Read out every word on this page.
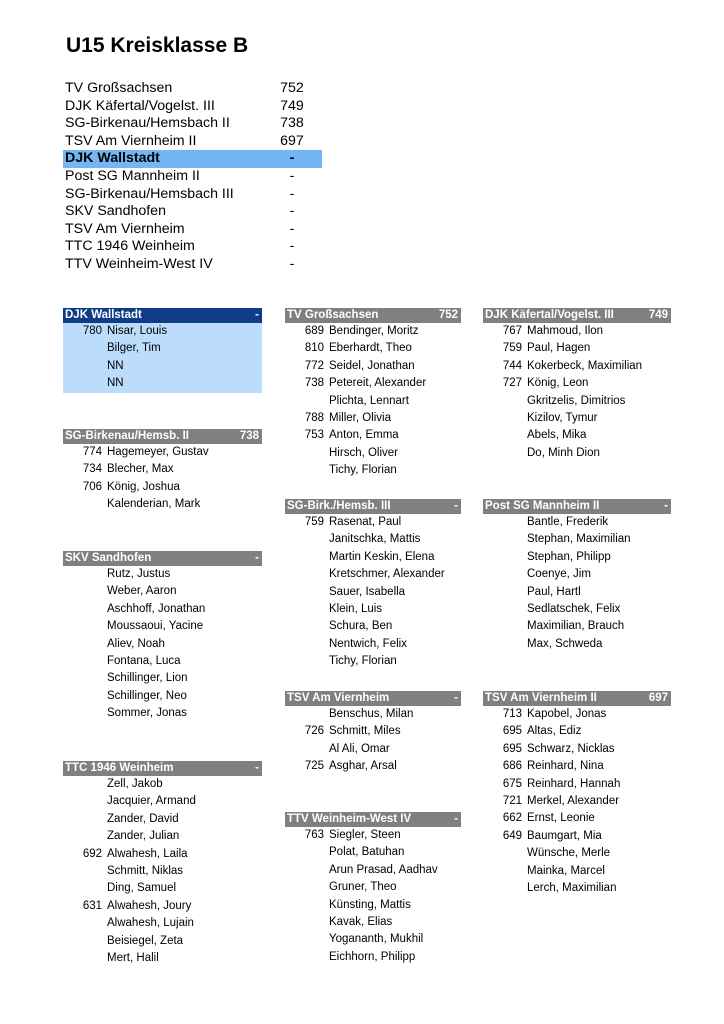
U15 Kreisklasse B
TV Großsachsen	752
DJK Käfertal/Vogelst. III	749
SG-Birkenau/Hemsbach II	738
TSV Am Viernheim II	697
DJK Wallstadt	-
Post SG Mannheim II	-
SG-Birkenau/Hemsbach III	-
SKV Sandhofen	-
TSV Am Viernheim	-
TTC 1946 Weinheim	-
TTV Weinheim-West IV	-
DJK Wallstadt	-
780 Nisar, Louis
Bilger, Tim
NN
NN
SG-Birkenau/Hemsb. II	738
774 Hagemeyer, Gustav
734 Blecher, Max
706 König, Joshua
Kalenderian, Mark
SKV Sandhofen	-
Rutz, Justus
Weber, Aaron
Aschhoff, Jonathan
Moussaoui, Yacine
Aliev, Noah
Fontana, Luca
Schillinger, Lion
Schillinger, Neo
Sommer, Jonas
TTC 1946 Weinheim	-
Zell, Jakob
Jacquier, Armand
Zander, David
Zander, Julian
692 Alwahesh, Laila
Schmitt, Niklas
Ding, Samuel
631 Alwahesh, Joury
Alwahesh, Lujain
Beisiegel, Zeta
Mert, Halil
TV Großsachsen	752
689 Bendinger, Moritz
810 Eberhardt, Theo
772 Seidel, Jonathan
738 Petereit, Alexander
Plichta, Lennart
788 Miller, Olivia
753 Anton, Emma
Hirsch, Oliver
Tichy, Florian
SG-Birk./Hemsb. III	-
759 Rasenat, Paul
Janitschka, Mattis
Martin Keskin, Elena
Kretschmer, Alexander
Sauer, Isabella
Klein, Luis
Schura, Ben
Nentwich, Felix
Tichy, Florian
TSV Am Viernheim	-
Benschus, Milan
726 Schmitt, Miles
Al Ali, Omar
725 Asghar, Arsal
TTV Weinheim-West IV	-
763 Siegler, Steen
Polat, Batuhan
Arun Prasad, Aadhav
Gruner, Theo
Künsting, Mattis
Kavak, Elias
Yogananth, Mukhil
Eichhorn, Philipp
DJK Käfertal/Vogelst. III	749
767 Mahmoud, Ilon
759 Paul, Hagen
744 Kokerbeck, Maximilian
727 König, Leon
Gkritzelis, Dimitrios
Kizilov, Tymur
Abels, Mika
Do, Minh Dion
Post SG Mannheim II	-
Bantle, Frederik
Stephan, Maximilian
Stephan, Philipp
Coenye, Jim
Paul, Hartl
Sedlatschek, Felix
Maximilian, Brauch
Max, Schweda
TSV Am Viernheim II	697
713 Kapobel, Jonas
695 Altas, Ediz
695 Schwarz, Nicklas
686 Reinhard, Nina
675 Reinhard, Hannah
721 Merkel, Alexander
662 Ernst, Leonie
649 Baumgart, Mia
Wünsche, Merle
Mainka, Marcel
Lerch, Maximilian
